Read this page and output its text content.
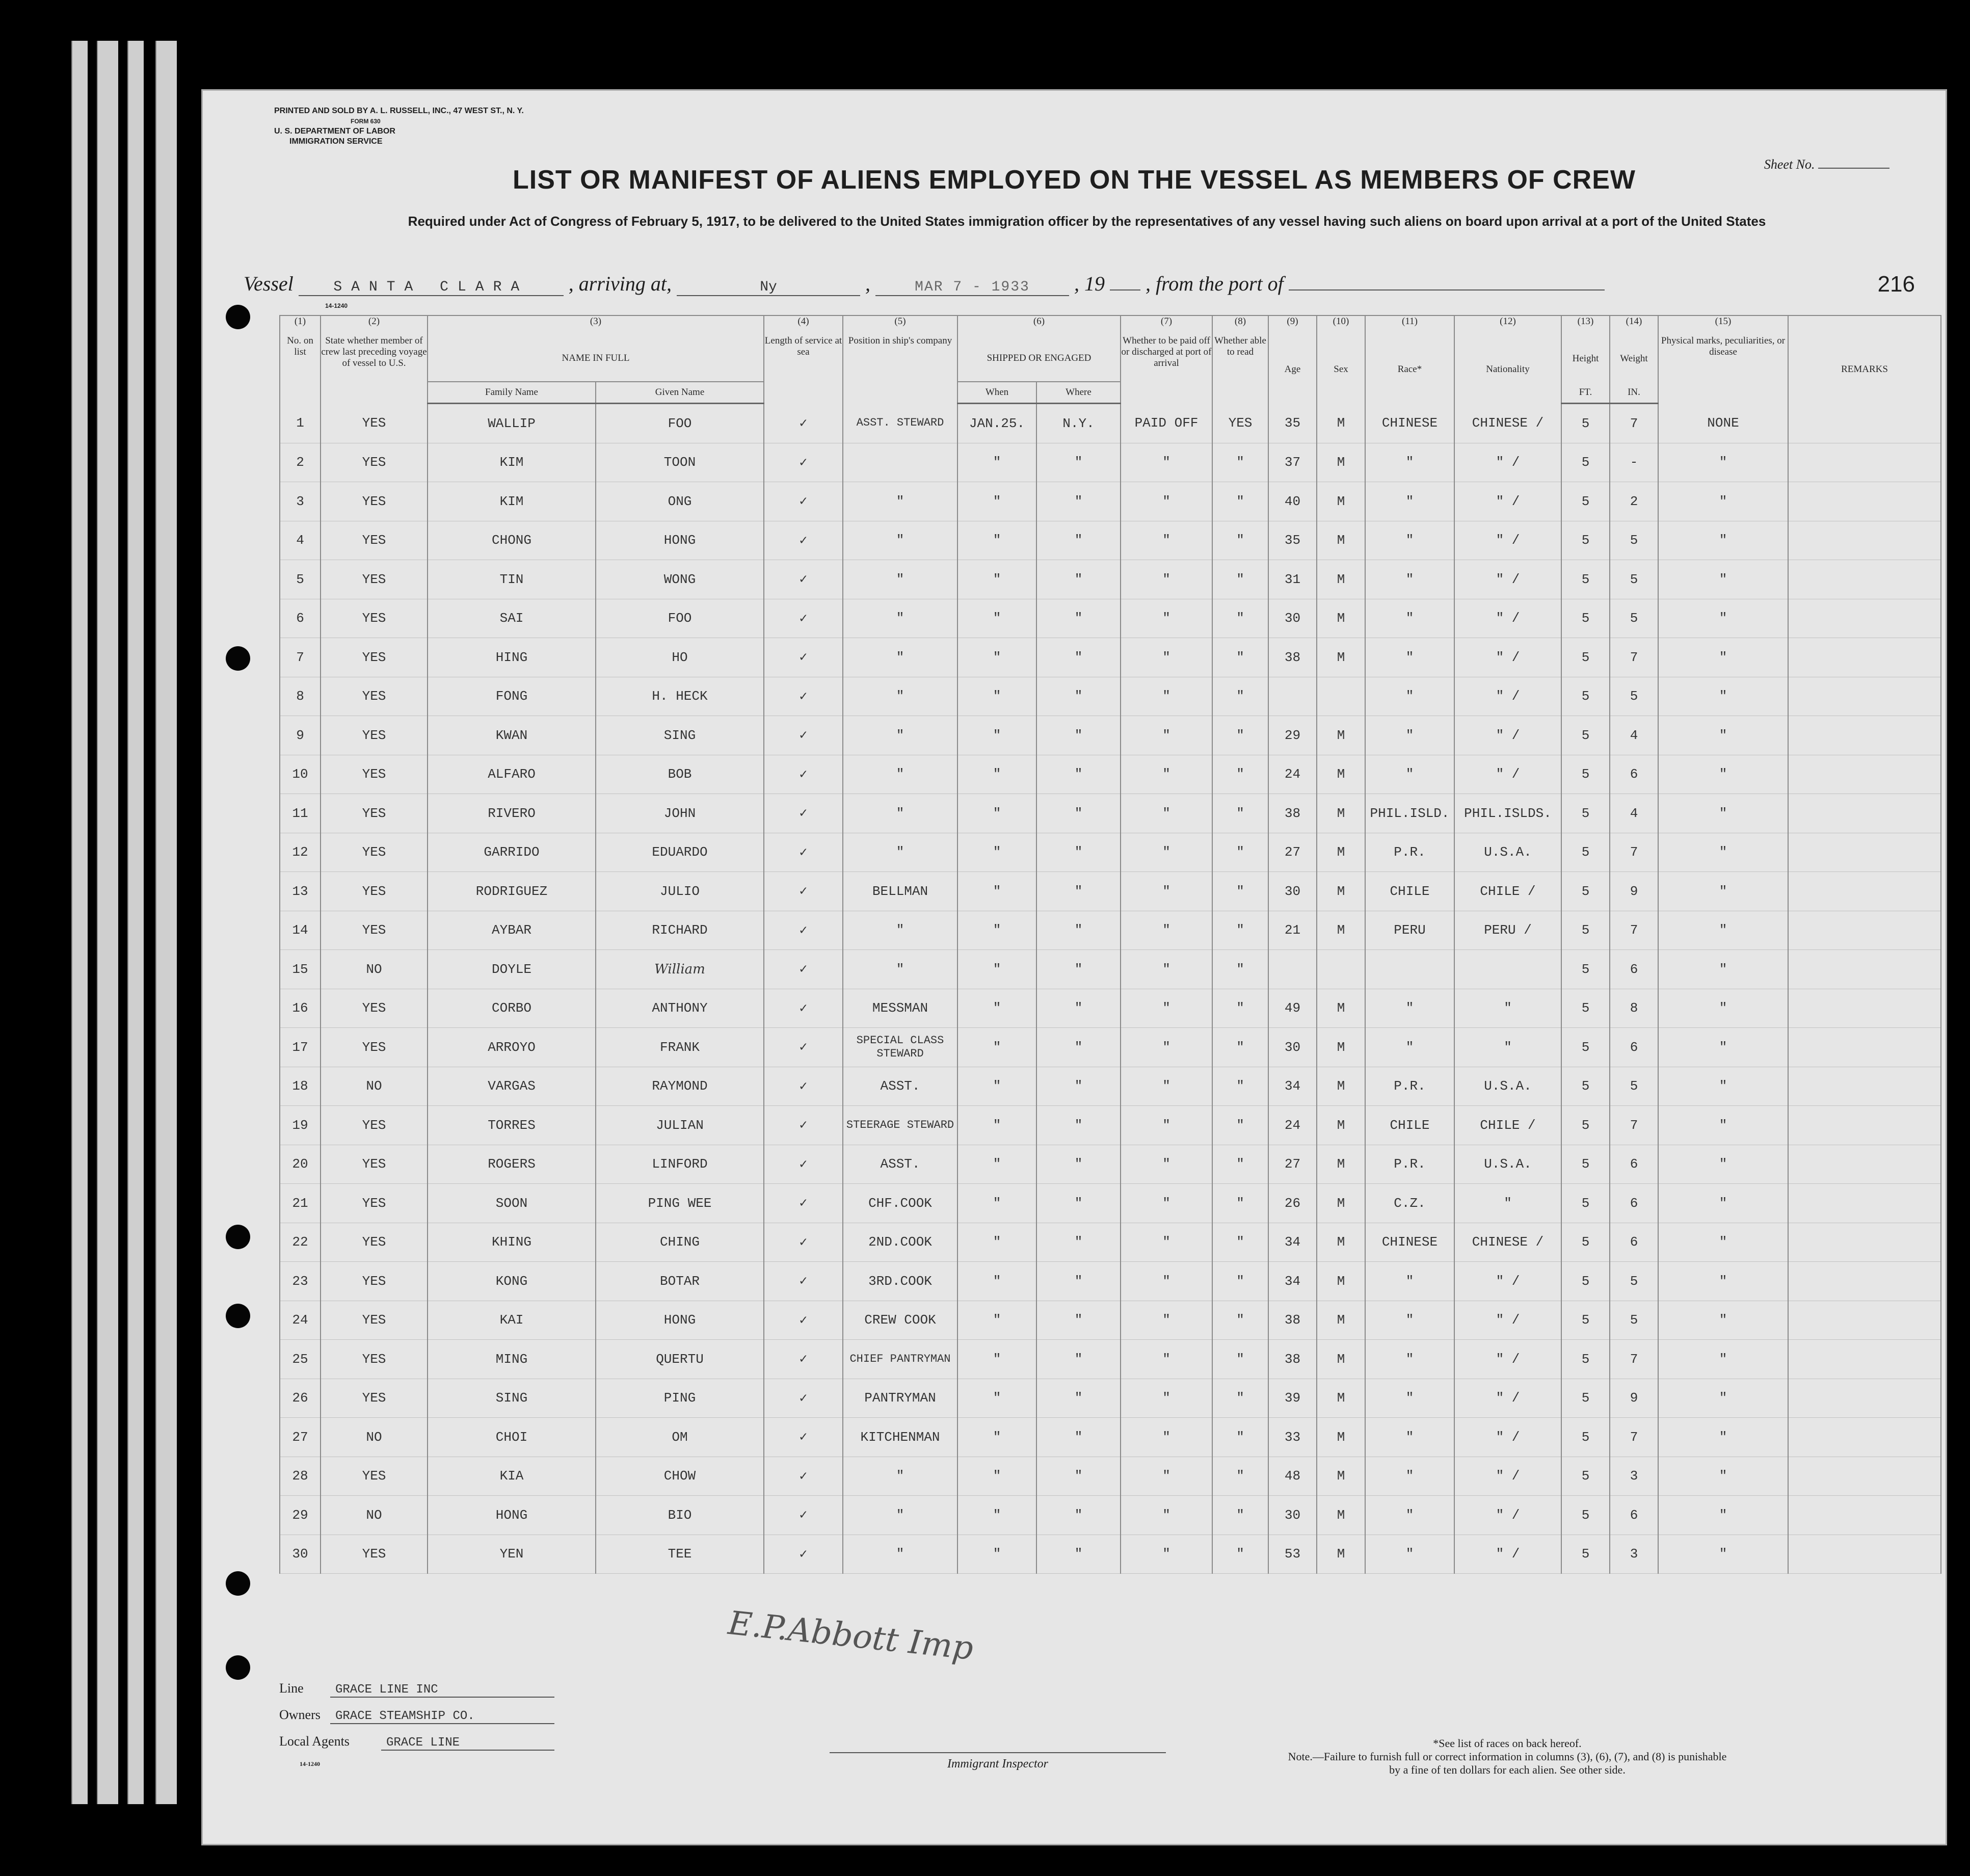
PRINTED AND SOLD BY A. L. RUSSELL, INC., 47 WEST ST., N. Y.
FORM 630
U. S. DEPARTMENT OF LABOR
IMMIGRATION SERVICE
14-1240
Sheet No.
LIST OR MANIFEST OF ALIENS EMPLOYED ON THE VESSEL AS MEMBERS OF CREW
Required under Act of Congress of February 5, 1917, to be delivered to the United States immigration officer by the representatives of any vessel having such aliens on board upon arrival at a port of the United States
Vessel	SANTA CLARA , arriving at,	Ny	,	MAR 7 - 1933 , 19 , from the port of	216
(1)	(2)	(3)		(4)	(5)	(6)		(7)	(8)	(9)	(10)	(11)	(12)	(13)	(14)	(15)	
No. on list	State whether member of crew last preceding voyage of vessel to U.S.	NAME IN FULL		Length of service at sea	Position in ship's company	SHIPPED OR ENGAGED		Whether to be paid off or discharged at port of arrival	Whether able to read	Age	Sex	Race*	Nationality	Height	Weight	Physical marks, peculiarities, or disease	REMARKS
		Family Name	Given Name			When	Where							FT.	IN.		
1	YES	WALLIP	FOO	✓	ASST. STEWARD	JAN.25.	N.Y.	PAID OFF	YES	35	M	CHINESE	CHINESE /	5	7	NONE	
2	YES	KIM	TOON	✓		"	"	"	"	37	M	"	" /	5	-	"	
3	YES	KIM	ONG	✓	"	"	"	"	"	40	M	"	" /	5	2	"	
4	YES	CHONG	HONG	✓	"	"	"	"	"	35	M	"	" /	5	5	"	
5	YES	TIN	WONG	✓	"	"	"	"	"	31	M	"	" /	5	5	"	
6	YES	SAI	FOO	✓	"	"	"	"	"	30	M	"	" /	5	5	"	
7	YES	HING	HO	✓	"	"	"	"	"	38	M	"	" /	5	7	"	
8	YES	FONG	H. HECK	✓	"	"	"	"	"			"	" /	5	5	"	
9	YES	KWAN	SING	✓	"	"	"	"	"	29	M	"	" /	5	4	"	
10	YES	ALFARO	BOB	✓	"	"	"	"	"	24	M	"	" /	5	6	"	
11	YES	RIVERO	JOHN	✓	"	"	"	"	"	38	M	PHIL.ISLD.	PHIL.ISLDS.	5	4	"	
12	YES	GARRIDO	EDUARDO	✓	"	"	"	"	"	27	M	P.R.	U.S.A.	5	7	"	
13	YES	RODRIGUEZ	JULIO	✓	BELLMAN	"	"	"	"	30	M	CHILE	CHILE /	5	9	"	
14	YES	AYBAR	RICHARD	✓	"	"	"	"	"	21	M	PERU	PERU /	5	7	"	
15	NO	DOYLE	William	✓	"	"	"	"	"					5	6	"	
16	YES	CORBO	ANTHONY	✓	MESSMAN	"	"	"	"	49	M	"	"	5	8	"	
17	YES	ARROYO	FRANK	✓	SPECIAL CLASS STEWARD	"	"	"	"	30	M	"	"	5	6	"	
18	NO	VARGAS	RAYMOND	✓	ASST.	"	"	"	"	34	M	P.R.	U.S.A.	5	5	"	
19	YES	TORRES	JULIAN	✓	STEERAGE STEWARD	"	"	"	"	24	M	CHILE	CHILE /	5	7	"	
20	YES	ROGERS	LINFORD	✓	ASST.	"	"	"	"	27	M	P.R.	U.S.A.	5	6	"	
21	YES	SOON	PING WEE	✓	CHF.COOK	"	"	"	"	26	M	C.Z.	"	5	6	"	
22	YES	KHING	CHING	✓	2ND.COOK	"	"	"	"	34	M	CHINESE	CHINESE /	5	6	"	
23	YES	KONG	BOTAR	✓	3RD.COOK	"	"	"	"	34	M	"	" /	5	5	"	
24	YES	KAI	HONG	✓	CREW COOK	"	"	"	"	38	M	"	" /	5	5	"	
25	YES	MING	QUERTU	✓	CHIEF PANTRYMAN	"	"	"	"	38	M	"	" /	5	7	"	
26	YES	SING	PING	✓	PANTRYMAN	"	"	"	"	39	M	"	" /	5	9	"	
27	NO	CHOI	OM	✓	KITCHENMAN	"	"	"	"	33	M	"	" /	5	7	"	
28	YES	KIA	CHOW	✓	"	"	"	"	"	48	M	"	" /	5	3	"	
29	NO	HONG	BIO	✓	"	"	"	"	"	30	M	"	" /	5	6	"	
30	YES	YEN	TEE	✓	"	"	"	"	"	53	M	"	" /	5	3	"	
E.P.Abbott Imp
Line	GRACE LINE INC
Owners GRACE STEAMSHIP CO.
Local Agents	GRACE LINE
14-1240	Immigrant Inspector
*See list of races on back hereof.
Note.—Failure to furnish full or correct information in columns (3), (6), (7), and (8) is punishable by a fine of ten dollars for each alien. See other side.
